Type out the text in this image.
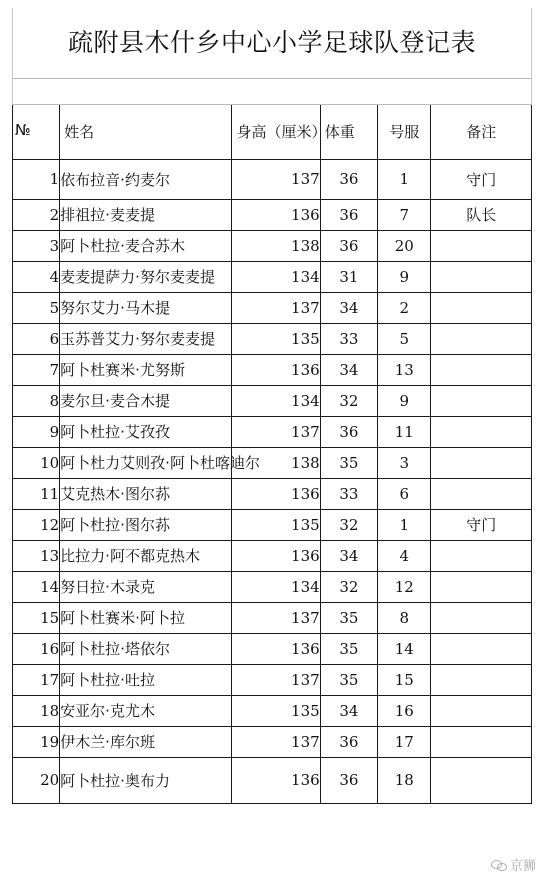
疏附县木什乡中心小学足球队登记表
№	姓名	身高（厘米）	体重	号服	备注
1	依布拉音·约麦尔	137	36	1	守门
2	排祖拉·麦麦提	136	36	7	队长
3	阿卜杜拉·麦合苏木	138	36	20	
4	麦麦提萨力·努尔麦麦提	134	31	9	
5	努尔艾力·马木提	137	34	2	
6	玉苏普艾力·努尔麦麦提	135	33	5	
7	阿卜杜赛米·尤努斯	136	34	13	
8	麦尔旦·麦合木提	134	32	9	
9	阿卜杜拉·艾孜孜	137	36	11	
10	阿卜杜力艾则孜·阿卜杜喀迪尔	138	35	3	
11	艾克热木·图尔荪	136	33	6	
12	阿卜杜拉·图尔荪	135	32	1	守门
13	比拉力·阿不都克热木	136	34	4	
14	努日拉·木录克	134	32	12	
15	阿卜杜赛米·阿卜拉	137	35	8	
16	阿卜杜拉·塔依尔	136	35	14	
17	阿卜杜拉·吐拉	137	35	15	
18	安亚尔·克尤木	135	34	16	
19	伊木兰·库尔班	137	36	17	
20	阿卜杜拉·奥布力	136	36	18	
京狮
